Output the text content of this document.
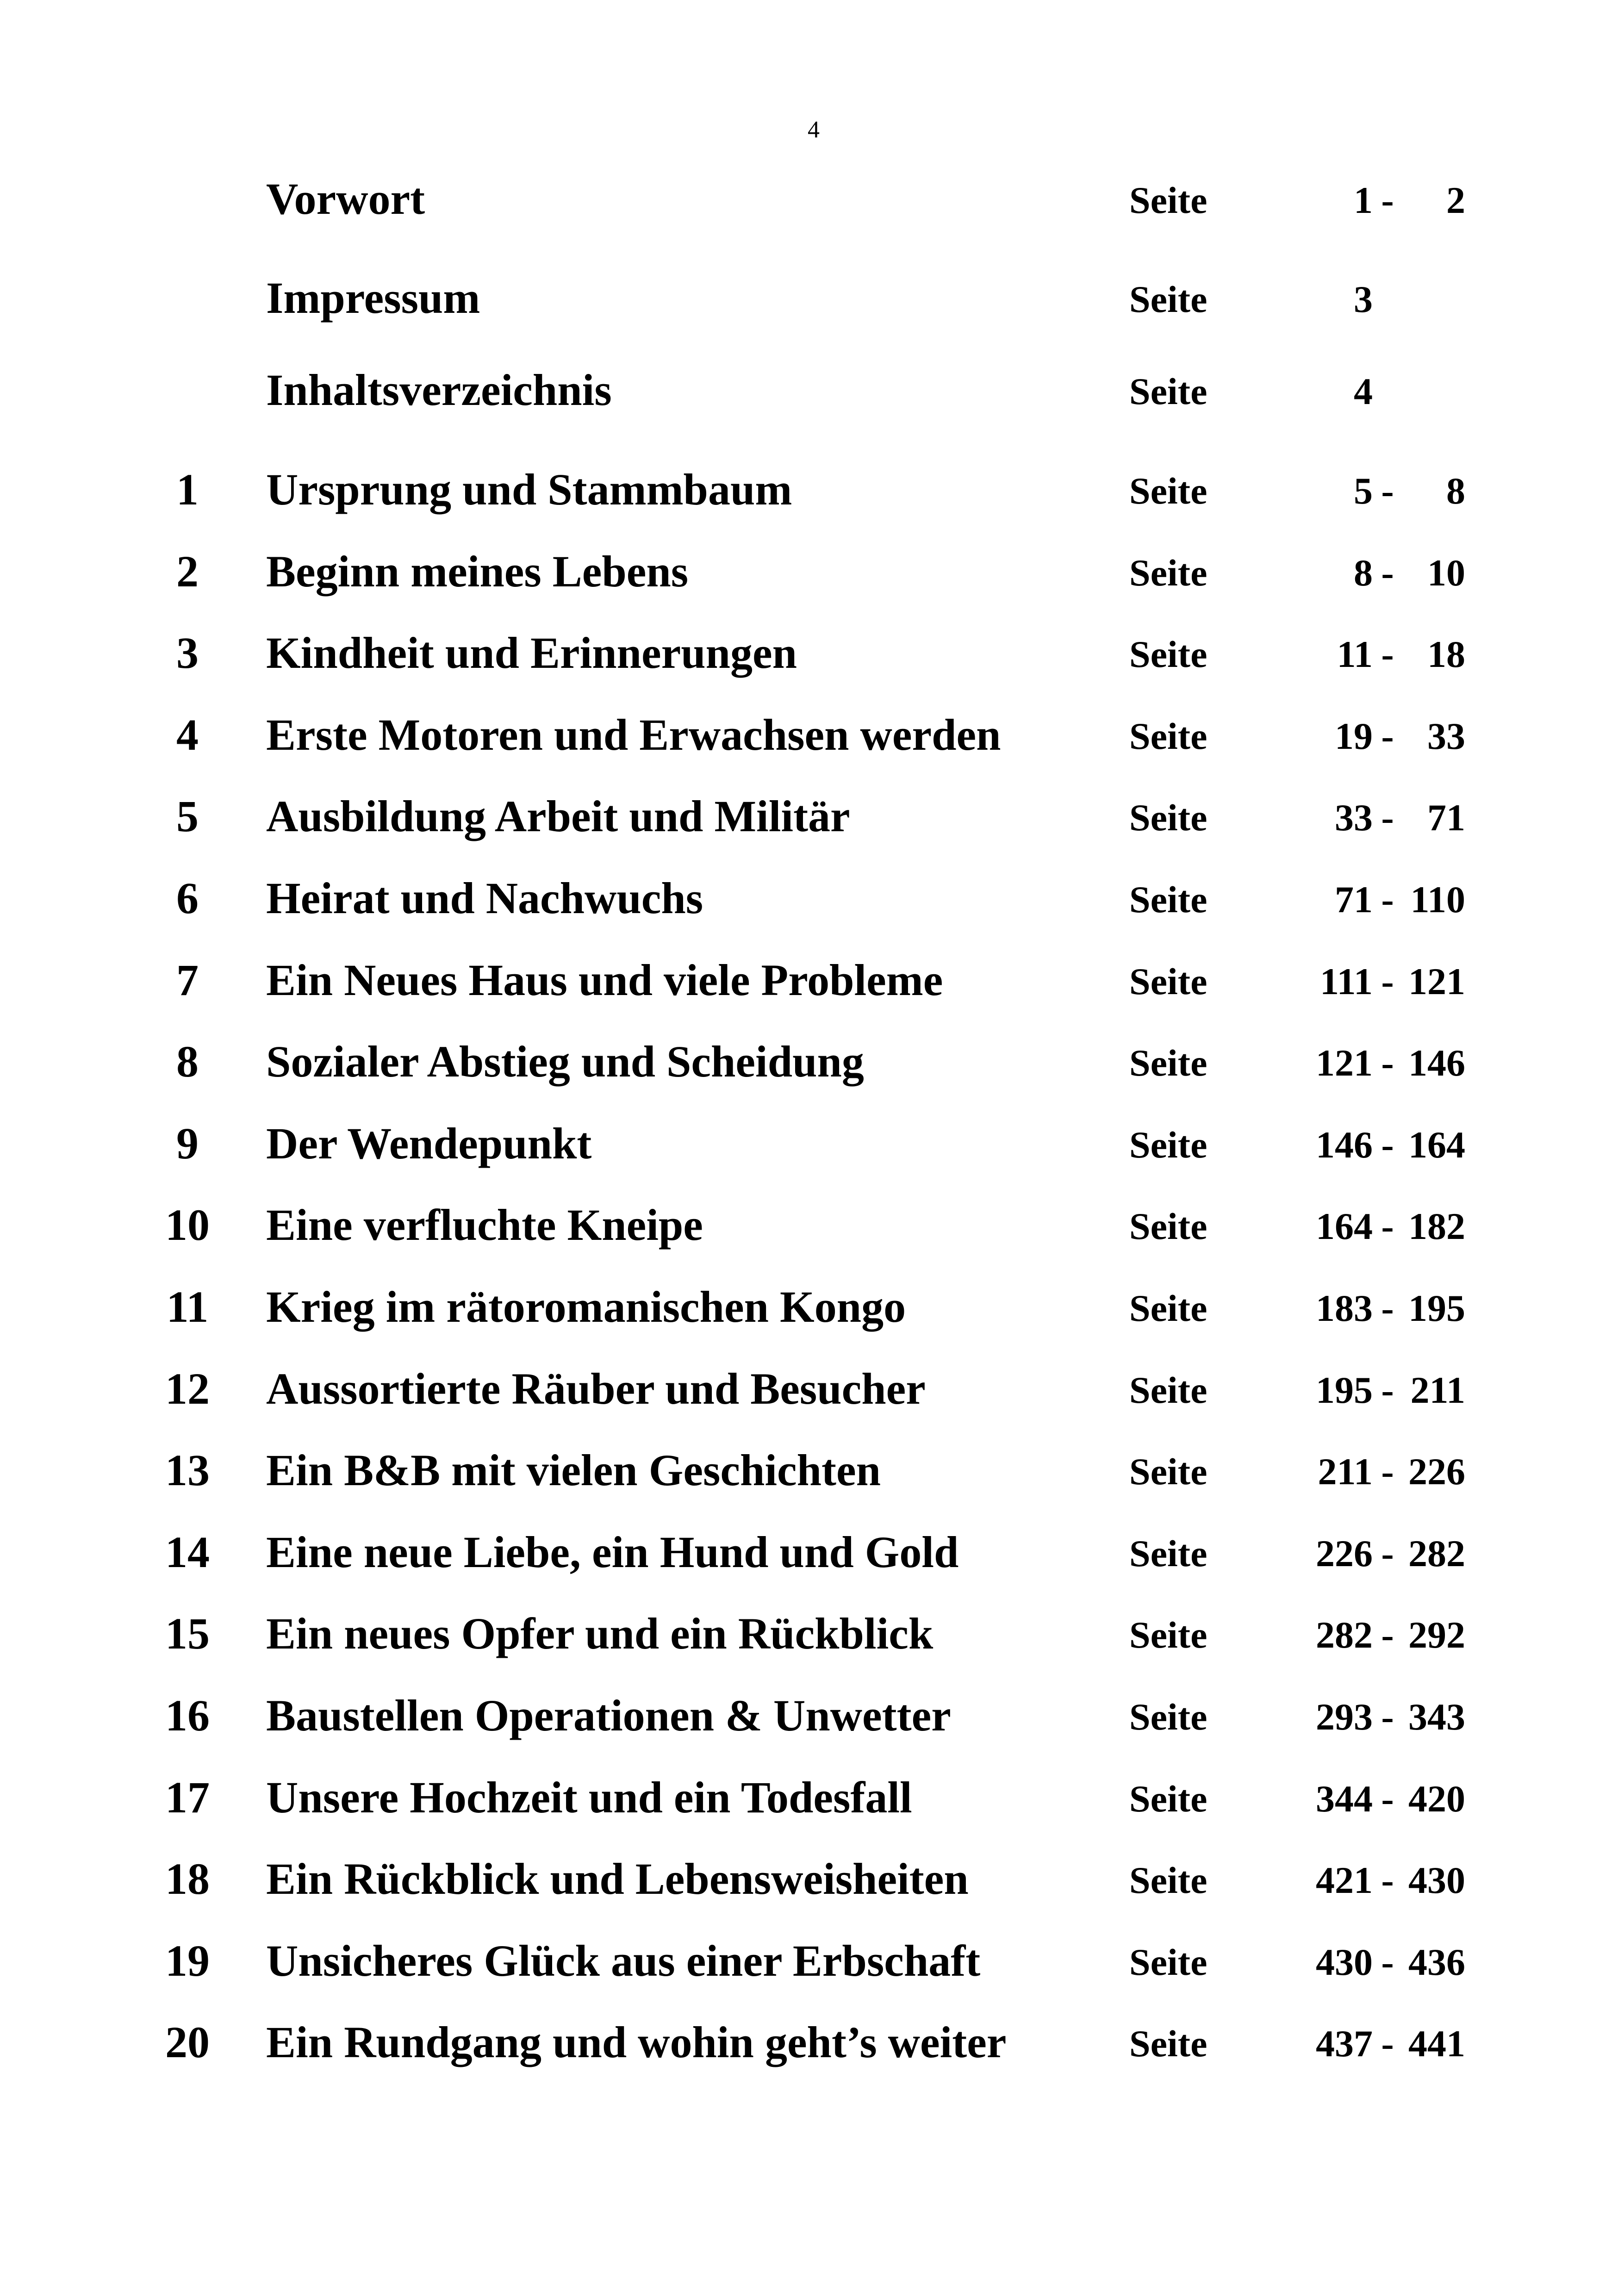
4
Vorwort	Seite	1 -	2
Impressum	Seite	3
Inhaltsverzeichnis	Seite	4
1	Ursprung und Stammbaum	Seite	5 -	8
2	Beginn meines Lebens	Seite	8 - 10
3	Kindheit und Erinnerungen	Seite	11 - 18
4	Erste Motoren und Erwachsen werden	Seite	19 - 33
5	Ausbildung Arbeit und Militär	Seite	33 - 71
6	Heirat und Nachwuchs	Seite	71 - 110
7	Ein Neues Haus und viele Probleme	Seite	111 - 121
8	Sozialer Abstieg und Scheidung	Seite	121 - 146
9	Der Wendepunkt	Seite	146 - 164
10 Eine verfluchte Kneipe	Seite	164 - 182
11 Krieg im rätoromanischen Kongo	Seite	183 - 195
12 Aussortierte Räuber und Besucher	Seite	195 - 211
13 Ein B&B mit vielen Geschichten	Seite	211 - 226
14 Eine neue Liebe, ein Hund und Gold	Seite	226 - 282
15 Ein neues Opfer und ein Rückblick	Seite	282 - 292
16 Baustellen Operationen & Unwetter	Seite	293 - 343
17 Unsere Hochzeit und ein Todesfall	Seite	344 - 420
18 Ein Rückblick und Lebensweisheiten	Seite	421 - 430
19 Unsicheres Glück aus einer Erbschaft	Seite	430 - 436
20 Ein Rundgang und wohin geht’s weiter	Seite	437 - 441
